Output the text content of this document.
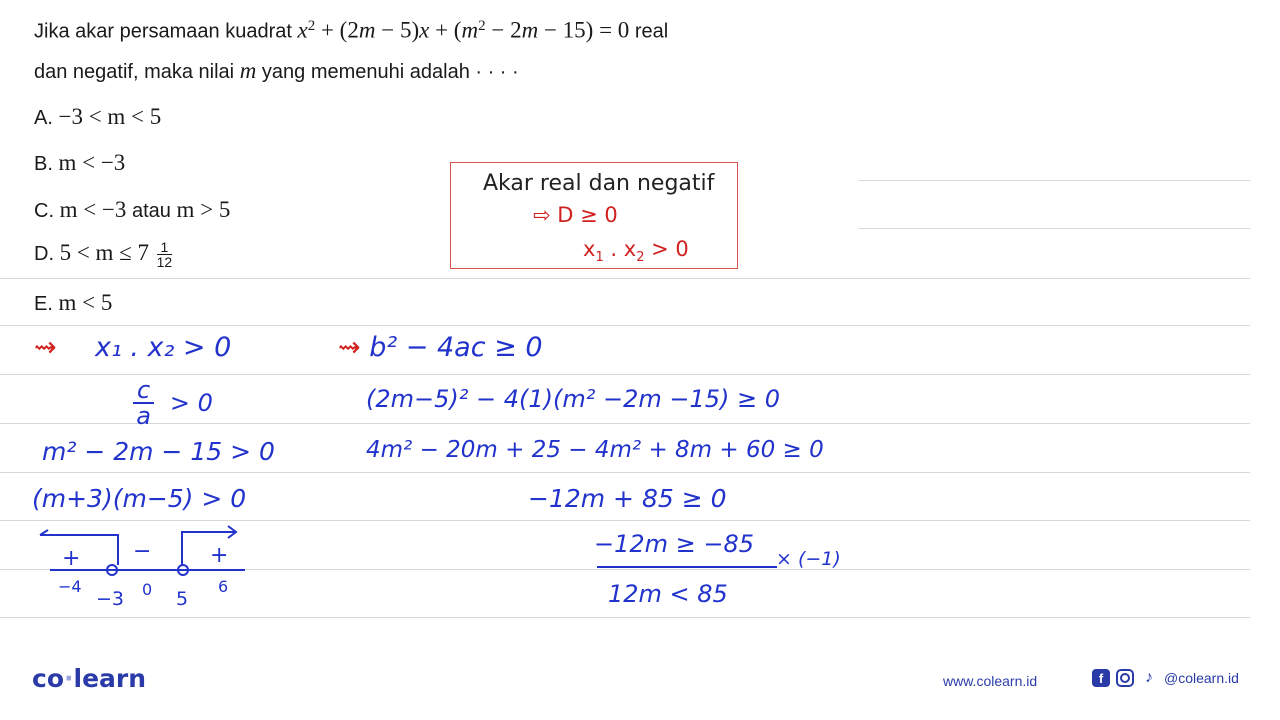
Jika akar persamaan kuadrat $x^2 + (2m - 5)x + (m^2 - 2m - 15) = 0$ real
dan negatif, maka nilai m yang memenuhi adalah · · · ·
A. −3 < m < 5
B. m < −3
C. m < −3 atau m > 5
D. $5 < m \le 7 \frac{1}{12}$
E. m < 5
Akar real dan negatif
⇨ D ≥ 0
$x_1$ . $x_2 > 0$
⇝ x₁ . x₂ > 0
$\frac{c}{a} > 0$
m² − 2m − 15 > 0
(m+3)(m−5) > 0
+ −	+
−4
−3 0 5
6
⇝ b² − 4ac ≥ 0
(2m−5)² − 4(1)(m² −2m −15) ≥ 0
4m² − 20m + 25 − 4m² + 8m + 60 ≥ 0
−12m + 85 ≥ 0
−12m ≥ −85
× (−1)
12m < 85
co·learn	www.colearn.id	f	♪ @colearn.id
